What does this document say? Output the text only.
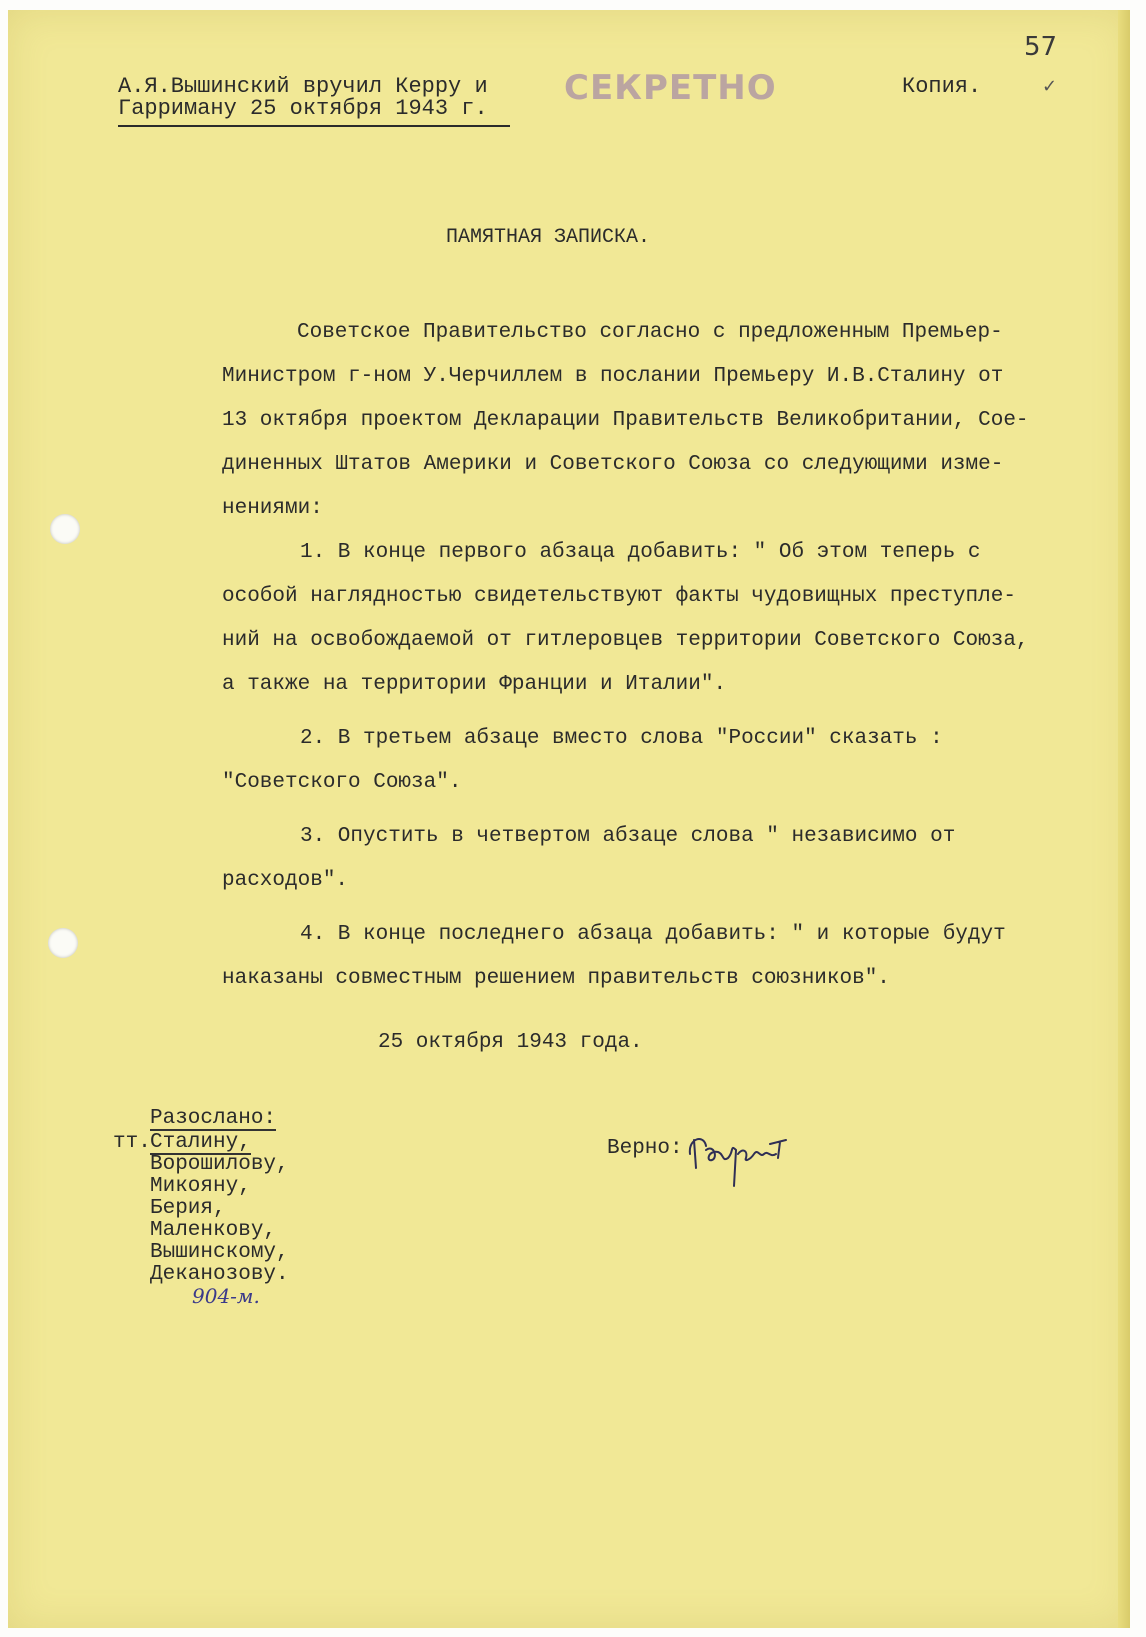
57
✓
А.Я.Вышинский вручил Керру и
Гарриману 25 октября 1943 г.
СЕКРЕТНО	Копия.
ПАМЯТНАЯ ЗАПИСКА.
Советское Правительство согласно с предложенным Премьер-
Министром г-ном У.Черчиллем в послании Премьеру И.В.Сталину от
13 октября проектом Декларации Правительств Великобритании, Сое-
диненных Штатов Америки и Советского Союза со следующими изме-
нениями:
1. В конце первого абзаца добавить: " Об этом теперь с
особой наглядностью свидетельствуют факты чудовищных преступле-
ний на освобождаемой от гитлеровцев территории Советского Союза,
а также на территории Франции и Италии".
2. В третьем абзаце вместо слова "России" сказать :
"Советского Союза".
3. Опустить в четвертом абзаце слова " независимо от
расходов".
4. В конце последнего абзаца добавить: " и которые будут
наказаны совместным решением правительств союзников".
25 октября 1943 года.
Разослано:
тт. Сталину,
Ворошилову,
Микояну,
Берия,
Маленкову,
Вышинскому,
Деканозову.
904-м.
Верно:
